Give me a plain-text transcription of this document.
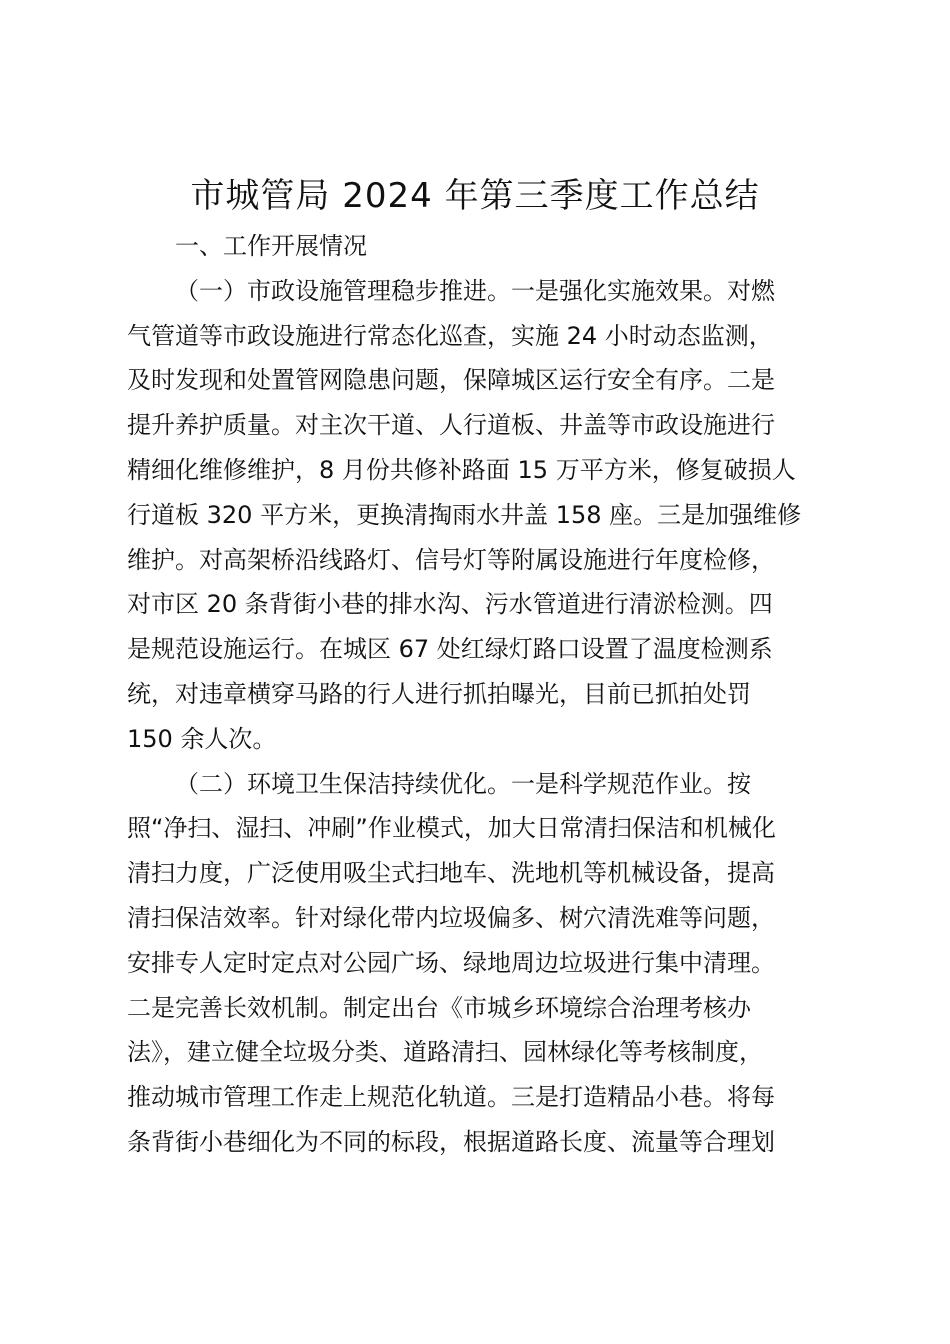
市城管局 2024 年第三季度工作总结
一、工作开展情况
（一）市政设施管理稳步推进。一是强化实施效果。对燃
气管道等市政设施进行常态化巡查，实施 24 小时动态监测，
及时发现和处置管网隐患问题，保障城区运行安全有序。二是
提升养护质量。对主次干道、人行道板、井盖等市政设施进行
精细化维修维护，8 月份共修补路面 15 万平方米，修复破损人
行道板 320 平方米，更换清掏雨水井盖 158 座。三是加强维修
维护。对高架桥沿线路灯、信号灯等附属设施进行年度检修，
对市区 20 条背街小巷的排水沟、污水管道进行清淤检测。四
是规范设施运行。在城区 67 处红绿灯路口设置了温度检测系
统，对违章横穿马路的行人进行抓拍曝光，目前已抓拍处罚
150 余人次。
（二）环境卫生保洁持续优化。一是科学规范作业。按
照“净扫、湿扫、冲刷”作业模式，加大日常清扫保洁和机械化
清扫力度，广泛使用吸尘式扫地车、洗地机等机械设备，提高
清扫保洁效率。针对绿化带内垃圾偏多、树穴清洗难等问题，
安排专人定时定点对公园广场、绿地周边垃圾进行集中清理。
二是完善长效机制。制定出台《市城乡环境综合治理考核办
法》，建立健全垃圾分类、道路清扫、园林绿化等考核制度，
推动城市管理工作走上规范化轨道。三是打造精品小巷。将每
条背街小巷细化为不同的标段，根据道路长度、流量等合理划
